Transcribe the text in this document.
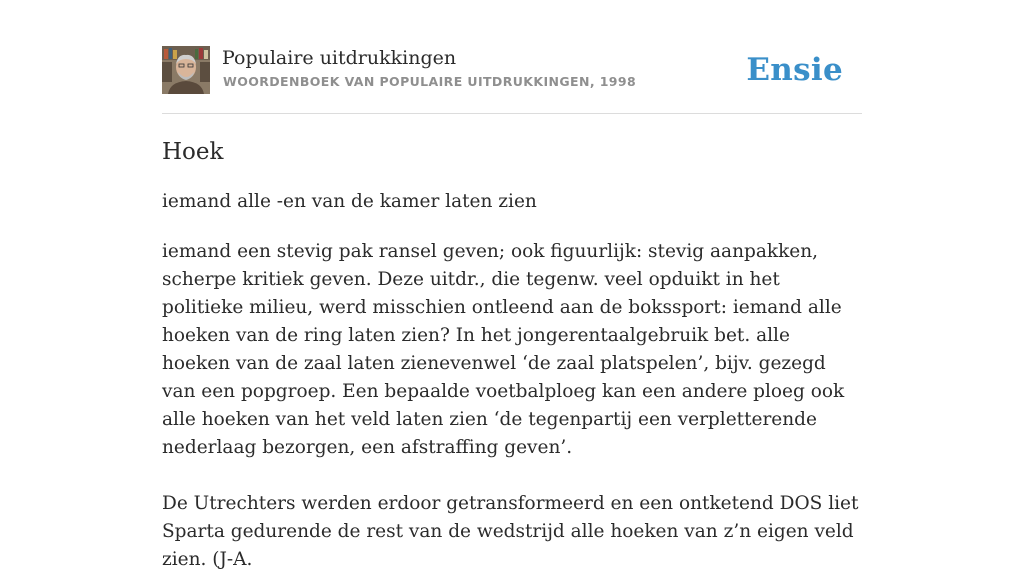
Populaire uitdrukkingen
WOORDENBOEK VAN POPULAIRE UITDRUKKINGEN, 1998	Ensie
Hoek

iemand alle -en van de kamer laten zien

iemand een stevig pak ransel geven; ook figuurlijk: stevig aanpakken, scherpe kritiek geven. Deze uitdr., die tegenw. veel opduikt in het politieke milieu, werd misschien ontleend aan de bokssport: iemand alle hoeken van de ring laten zien? In het jongerentaalgebruik bet. alle hoeken van de zaal laten zienevenwel ‘de zaal platspelen’, bijv. gezegd van een popgroep. Een bepaalde voetbalploeg kan een andere ploeg ook alle hoeken van het veld laten zien ‘de tegenpartij een verpletterende nederlaag bezorgen, een afstraffing geven’.

De Utrechters werden erdoor getransformeerd en een ontketend DOS liet Sparta gedurende de rest van de wedstrijd alle hoeken van z’n eigen veld zien. (J-A.
